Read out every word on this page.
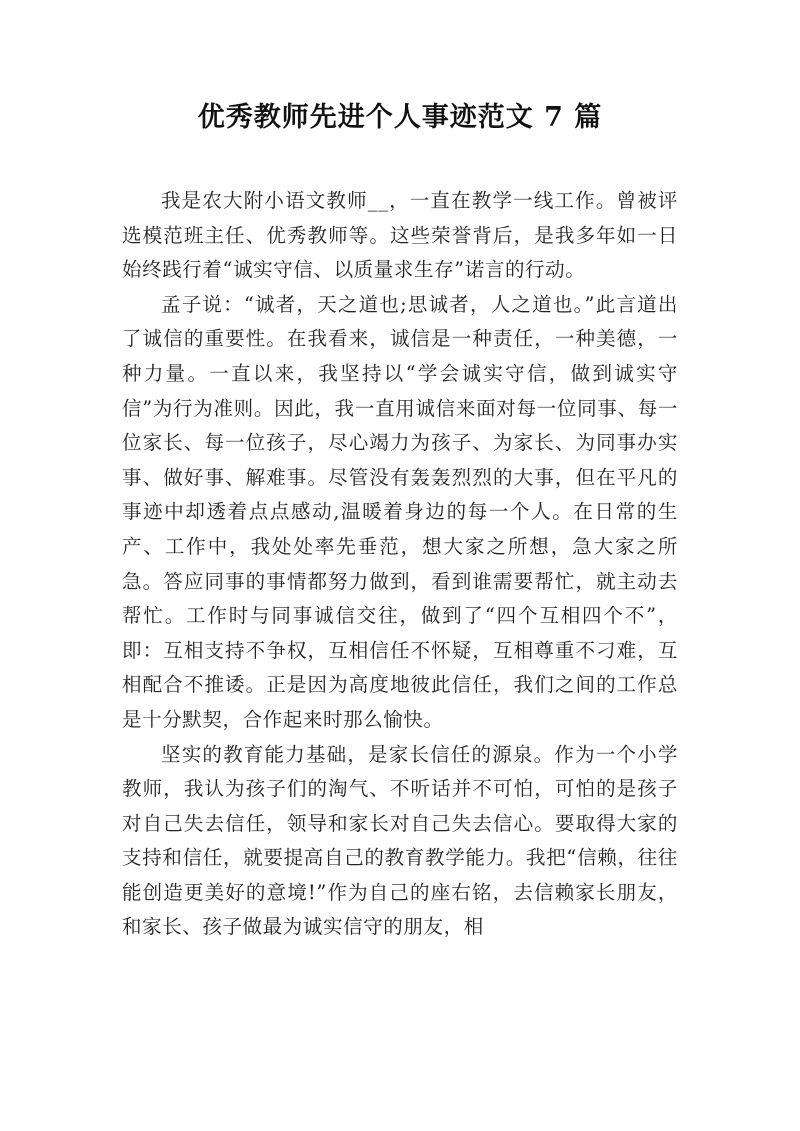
优秀教师先进个人事迹范文 7 篇

我是农大附小语文教师__，一直在教学一线工作。曾被评选模范班主任、优秀教师等。这些荣誉背后，是我多年如一日始终践行着“诚实守信、以质量求生存”诺言的行动。

孟子说：“诚者，天之道也;思诚者，人之道也。”此言道出了诚信的重要性。在我看来，诚信是一种责任，一种美德，一种力量。一直以来，我坚持以“学会诚实守信，做到诚实守信”为行为准则。因此，我一直用诚信来面对每一位同事、每一位家长、每一位孩子，尽心竭力为孩子、为家长、为同事办实事、做好事、解难事。尽管没有轰轰烈烈的大事，但在平凡的事迹中却透着点点感动,温暖着身边的每一个人。在日常的生产、工作中，我处处率先垂范，想大家之所想，急大家之所急。答应同事的事情都努力做到，看到谁需要帮忙，就主动去帮忙。工作时与同事诚信交往，做到了“四个互相四个不”，即：互相支持不争权，互相信任不怀疑，互相尊重不刁难，互相配合不推诿。正是因为高度地彼此信任，我们之间的工作总是十分默契，合作起来时那么愉快。

坚实的教育能力基础，是家长信任的源泉。作为一个小学教师，我认为孩子们的淘气、不听话并不可怕，可怕的是孩子对自己失去信任，领导和家长对自己失去信心。要取得大家的支持和信任，就要提高自己的教育教学能力。我把“信赖，往往能创造更美好的意境!”作为自己的座右铭，去信赖家长朋友，和家长、孩子做最为诚实信守的朋友，相
